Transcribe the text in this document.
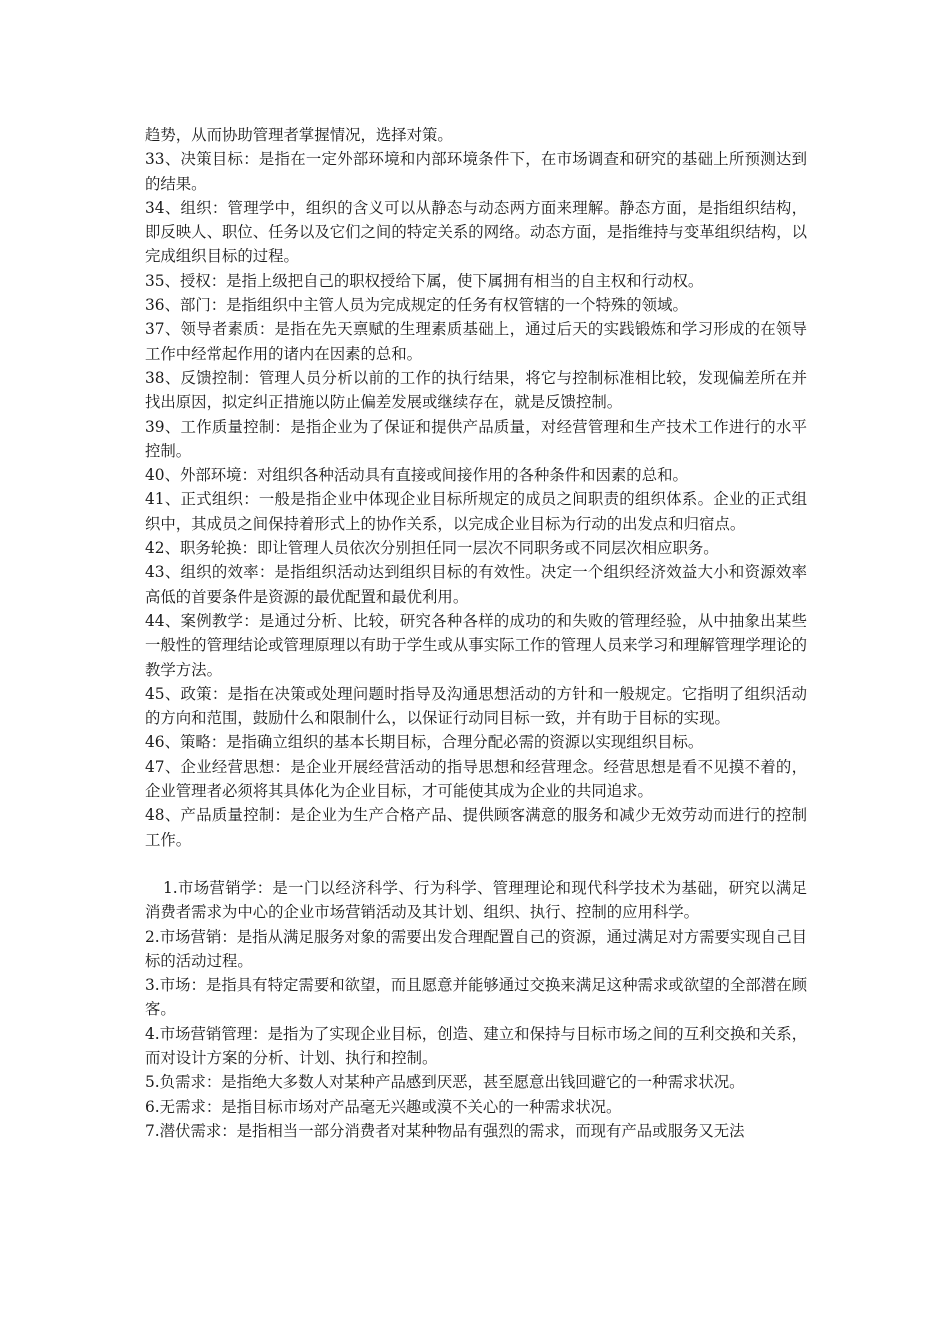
趋势，从而协助管理者掌握情况，选择对策。

33、决策目标：是指在一定外部环境和内部环境条件下，在市场调查和研究的基础上所预测达到的结果。

34、组织：管理学中，组织的含义可以从静态与动态两方面来理解。静态方面，是指组织结构，即反映人、职位、任务以及它们之间的特定关系的网络。动态方面，是指维持与变革组织结构，以完成组织目标的过程。

35、授权：是指上级把自己的职权授给下属，使下属拥有相当的自主权和行动权。

36、部门：是指组织中主管人员为完成规定的任务有权管辖的一个特殊的领域。

37、领导者素质：是指在先天禀赋的生理素质基础上，通过后天的实践锻炼和学习形成的在领导工作中经常起作用的诸内在因素的总和。

38、反馈控制：管理人员分析以前的工作的执行结果，将它与控制标准相比较，发现偏差所在并找出原因，拟定纠正措施以防止偏差发展或继续存在，就是反馈控制。

39、工作质量控制：是指企业为了保证和提供产品质量，对经营管理和生产技术工作进行的水平控制。

40、外部环境：对组织各种活动具有直接或间接作用的各种条件和因素的总和。

41、正式组织：一般是指企业中体现企业目标所规定的成员之间职责的组织体系。企业的正式组织中，其成员之间保持着形式上的协作关系，以完成企业目标为行动的出发点和归宿点。

42、职务轮换：即让管理人员依次分别担任同一层次不同职务或不同层次相应职务。

43、组织的效率：是指组织活动达到组织目标的有效性。决定一个组织经济效益大小和资源效率高低的首要条件是资源的最优配置和最优利用。

44、案例教学：是通过分析、比较，研究各种各样的成功的和失败的管理经验，从中抽象出某些一般性的管理结论或管理原理以有助于学生或从事实际工作的管理人员来学习和理解管理学理论的教学方法。

45、政策：是指在决策或处理问题时指导及沟通思想活动的方针和一般规定。它指明了组织活动的方向和范围，鼓励什么和限制什么，以保证行动同目标一致，并有助于目标的实现。

46、策略：是指确立组织的基本长期目标，合理分配必需的资源以实现组织目标。

47、企业经营思想：是企业开展经营活动的指导思想和经营理念。经营思想是看不见摸不着的，企业管理者必须将其具体化为企业目标，才可能使其成为企业的共同追求。

48、产品质量控制：是企业为生产合格产品、提供顾客满意的服务和减少无效劳动而进行的控制工作。

1.市场营销学：是一门以经济科学、行为科学、管理理论和现代科学技术为基础，研究以满足消费者需求为中心的企业市场营销活动及其计划、组织、执行、控制的应用科学。

2.市场营销：是指从满足服务对象的需要出发合理配置自己的资源，通过满足对方需要实现自己目标的活动过程。

3.市场：是指具有特定需要和欲望，而且愿意并能够通过交换来满足这种需求或欲望的全部潜在顾客。

4.市场营销管理：是指为了实现企业目标，创造、建立和保持与目标市场之间的互利交换和关系，而对设计方案的分析、计划、执行和控制。

5.负需求：是指绝大多数人对某种产品感到厌恶，甚至愿意出钱回避它的一种需求状况。

6.无需求：是指目标市场对产品毫无兴趣或漠不关心的一种需求状况。

7.潜伏需求：是指相当一部分消费者对某种物品有强烈的需求，而现有产品或服务又无法
